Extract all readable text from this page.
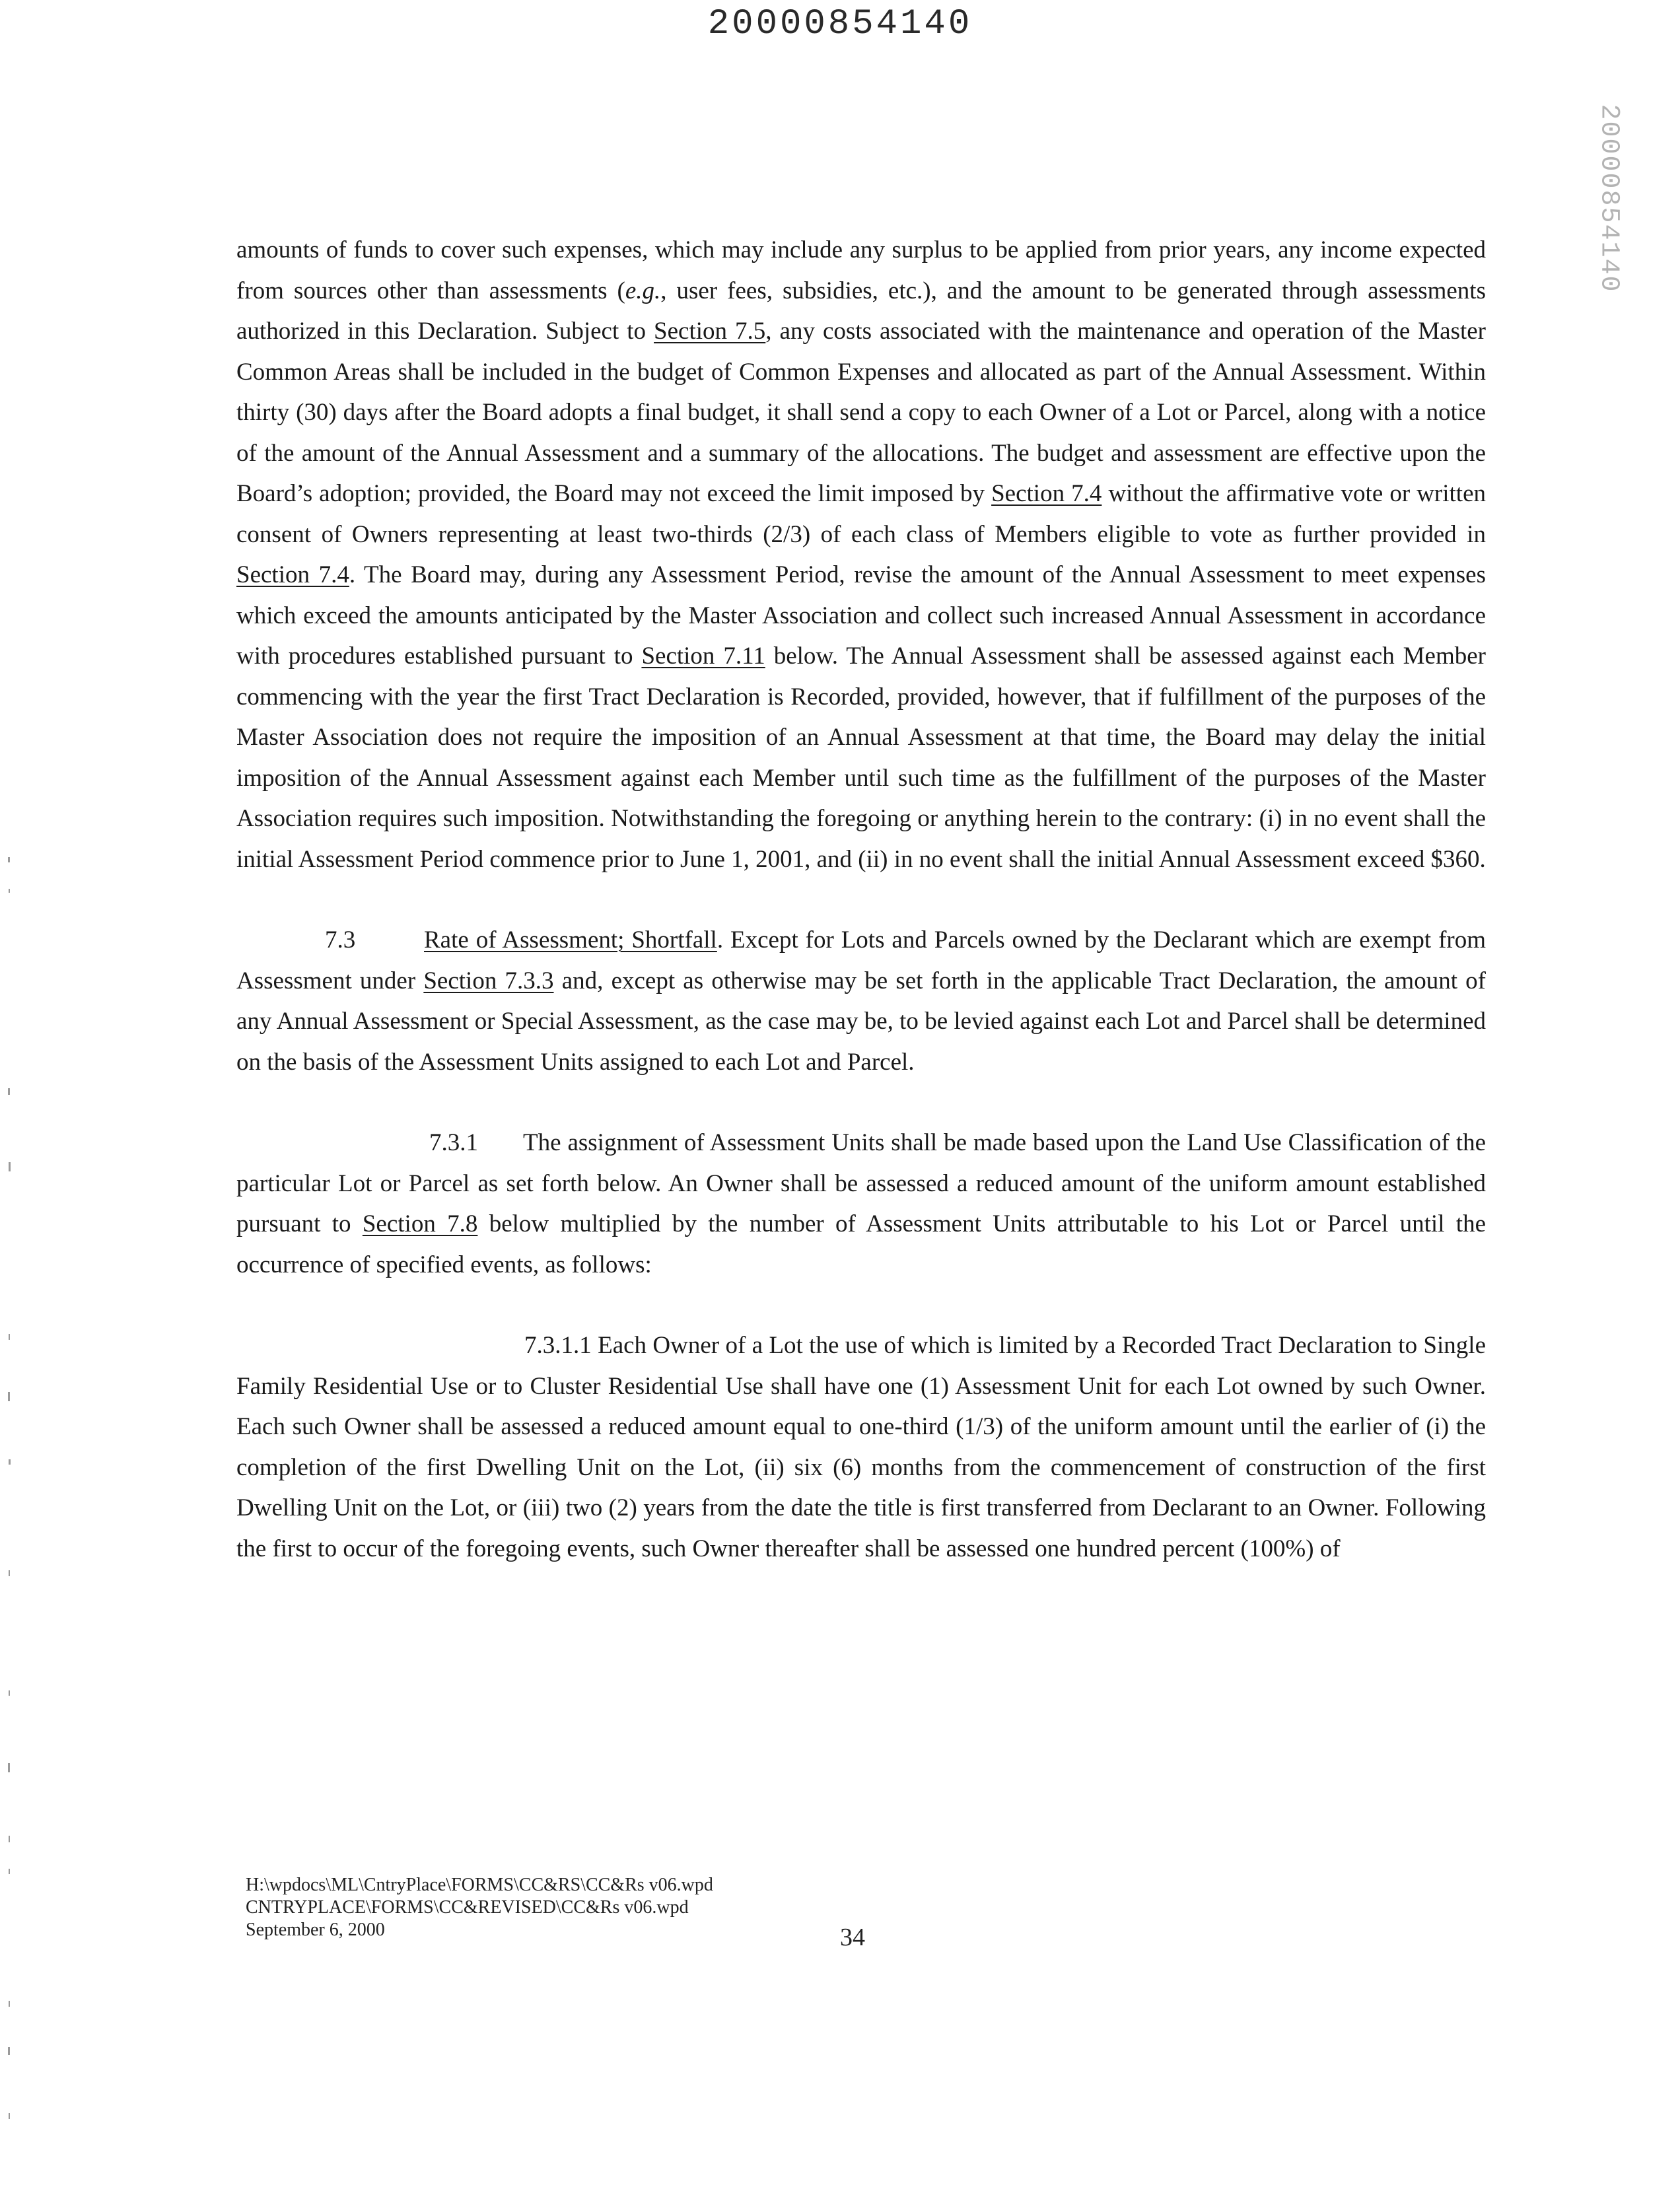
20000854140
20000854140

amounts of funds to cover such expenses, which may include any surplus to be applied from prior years, any income expected from sources other than assessments (e.g., user fees, subsidies, etc.), and the amount to be generated through assessments authorized in this Declaration. Subject to Section 7.5, any costs associated with the maintenance and operation of the Master Common Areas shall be included in the budget of Common Expenses and allocated as part of the Annual Assessment. Within thirty (30) days after the Board adopts a final budget, it shall send a copy to each Owner of a Lot or Parcel, along with a notice of the amount of the Annual Assessment and a summary of the allocations. The budget and assessment are effective upon the Board’s adoption; provided, the Board may not exceed the limit imposed by Section 7.4 without the affirmative vote or written consent of Owners representing at least two-thirds (2/3) of each class of Members eligible to vote as further provided in Section 7.4. The Board may, during any Assessment Period, revise the amount of the Annual Assessment to meet expenses which exceed the amounts anticipated by the Master Association and collect such increased Annual Assessment in accordance with procedures established pursuant to Section 7.11 below. The Annual Assessment shall be assessed against each Member commencing with the year the first Tract Declaration is Recorded, provided, however, that if fulfillment of the purposes of the Master Association does not require the imposition of an Annual Assessment at that time, the Board may delay the initial imposition of the Annual Assessment against each Member until such time as the fulfillment of the purposes of the Master Association requires such imposition. Notwithstanding the foregoing or anything herein to the contrary: (i) in no event shall the initial Assessment Period commence prior to June 1, 2001, and (ii) in no event shall the initial Annual Assessment exceed $360.

7.3	Rate of Assessment; Shortfall. Except for Lots and Parcels owned by the Declarant which are exempt from Assessment under Section 7.3.3 and, except as otherwise may be set forth in the applicable Tract Declaration, the amount of any Annual Assessment or Special Assessment, as the case may be, to be levied against each Lot and Parcel shall be determined on the basis of the Assessment Units assigned to each Lot and Parcel.

7.3.1 The assignment of Assessment Units shall be made based upon the Land Use Classification of the particular Lot or Parcel as set forth below. An Owner shall be assessed a reduced amount of the uniform amount established pursuant to Section 7.8 below multiplied by the number of Assessment Units attributable to his Lot or Parcel until the occurrence of specified events, as follows:

7.3.1.1 Each Owner of a Lot the use of which is limited by a Recorded Tract Declaration to Single Family Residential Use or to Cluster Residential Use shall have one (1) Assessment Unit for each Lot owned by such Owner. Each such Owner shall be assessed a reduced amount equal to one-third (1/3) of the uniform amount until the earlier of (i) the completion of the first Dwelling Unit on the Lot, (ii) six (6) months from the commencement of construction of the first Dwelling Unit on the Lot, or (iii) two (2) years from the date the title is first transferred from Declarant to an Owner. Following the first to occur of the foregoing events, such Owner thereafter shall be assessed one hundred percent (100%) of

H:\wpdocs\ML\CntryPlace\FORMS\CC&RS\CC&Rs v06.wpd
CNTRYPLACE\FORMS\CC&REVISED\CC&Rs v06.wpd
September 6, 2000	34
